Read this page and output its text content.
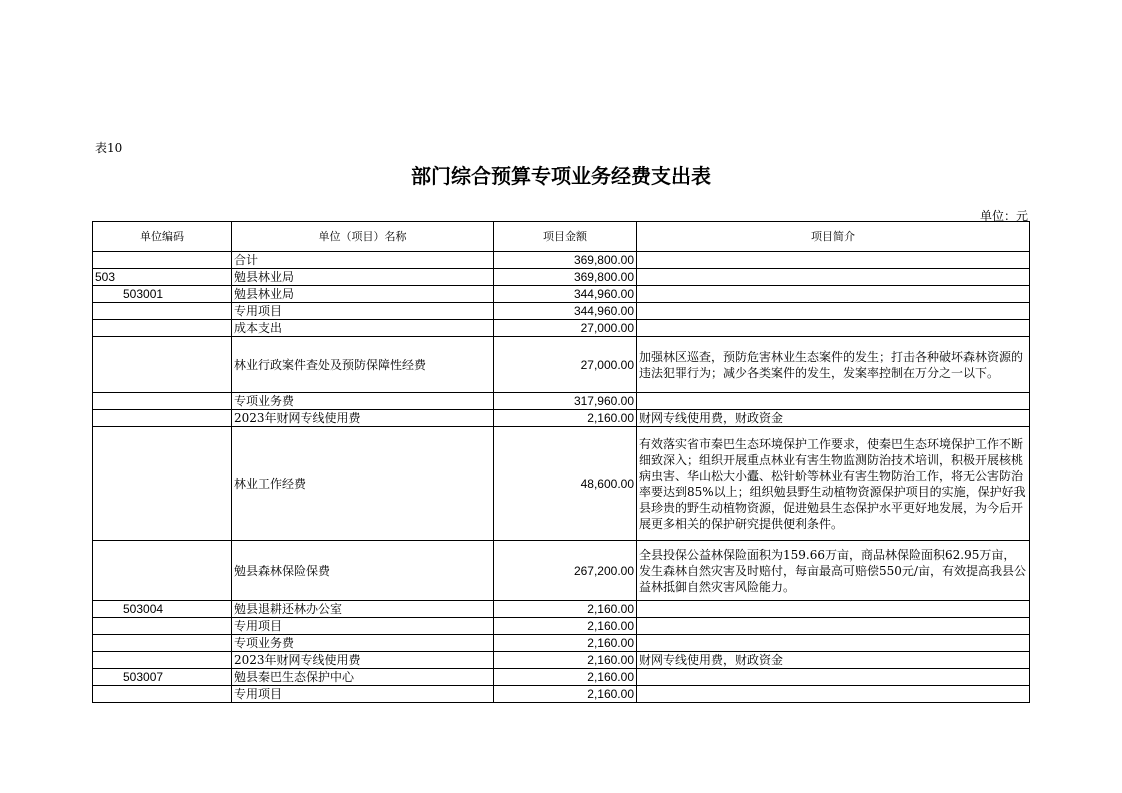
表10
部门综合预算专项业务经费支出表
单位：元
单位编码	单位（项目）名称	项目金额	项目简介
	合计	369,800.00	
503	勉县林业局	369,800.00	
503001	勉县林业局	344,960.00	
	专用项目	344,960.00	
	成本支出	27,000.00	
	林业行政案件查处及预防保障性经费	27,000.00	加强林区巡查，预防危害林业生态案件的发生；打击各种破坏森林资源的违法犯罪行为；减少各类案件的发生，发案率控制在万分之一以下。
	专项业务费	317,960.00	
	2023年财网专线使用费	2,160.00	财网专线使用费，财政资金
	林业工作经费	48,600.00	有效落实省市秦巴生态环境保护工作要求，使秦巴生态环境保护工作不断细致深入；组织开展重点林业有害生物监测防治技术培训，积极开展核桃病虫害、华山松大小蠹、松针蚧等林业有害生物防治工作，将无公害防治率要达到85%以上；组织勉县野生动植物资源保护项目的实施，保护好我县珍贵的野生动植物资源，促进勉县生态保护水平更好地发展，为今后开展更多相关的保护研究提供便利条件。
	勉县森林保险保费	267,200.00	全县投保公益林保险面积为159.66万亩，商品林保险面积62.95万亩，发生森林自然灾害及时赔付，每亩最高可赔偿550元/亩，有效提高我县公益林抵御自然灾害风险能力。
503004	勉县退耕还林办公室	2,160.00	
	专用项目	2,160.00	
	专项业务费	2,160.00	
	2023年财网专线使用费	2,160.00	财网专线使用费，财政资金
503007	勉县秦巴生态保护中心	2,160.00	
	专用项目	2,160.00	
